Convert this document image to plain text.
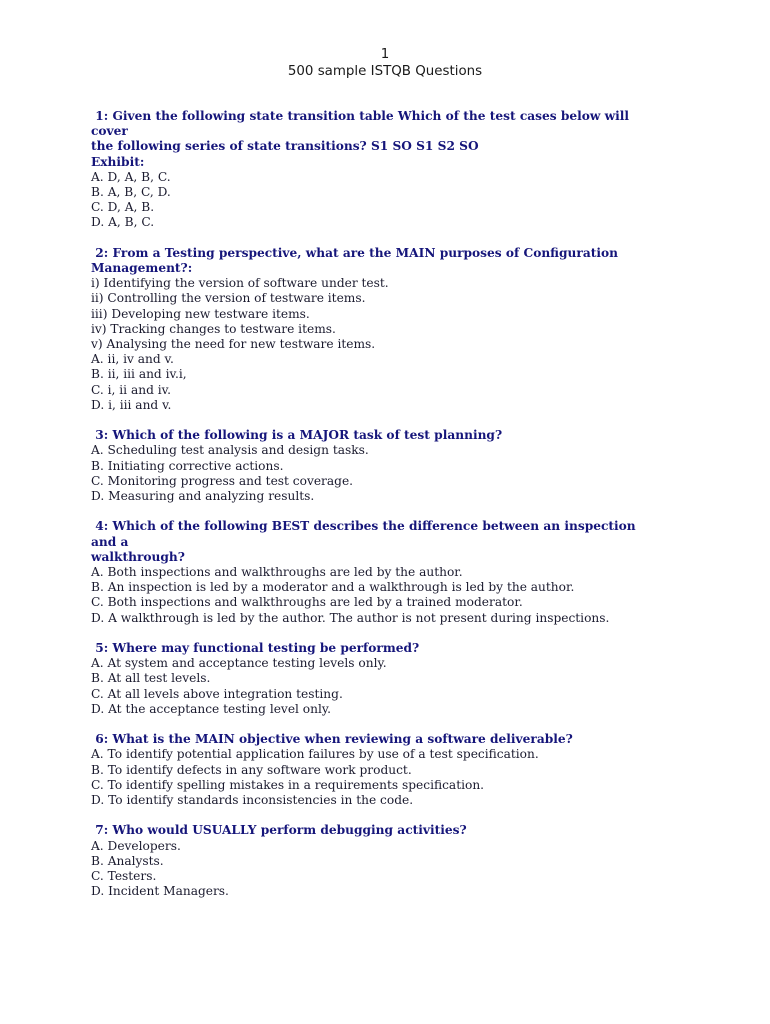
1
500 sample ISTQB Questions
1: Given the following state transition table Which of the test cases below will
cover
the following series of state transitions? S1 SO S1 S2 SO
Exhibit:
A. D, A, B, C.
B. A, B, C, D.
C. D, A, B.
D. A, B, C.
2: From a Testing perspective, what are the MAIN purposes of Configuration
Management?:
i) Identifying the version of software under test.
ii) Controlling the version of testware items.
iii) Developing new testware items.
iv) Tracking changes to testware items.
v) Analysing the need for new testware items.
A. ii, iv and v.
B. ii, iii and iv.i,
C. i, ii and iv.
D. i, iii and v.
3: Which of the following is a MAJOR task of test planning?
A. Scheduling test analysis and design tasks.
B. Initiating corrective actions.
C. Monitoring progress and test coverage.
D. Measuring and analyzing results.
4: Which of the following BEST describes the difference between an inspection
and a
walkthrough?
A. Both inspections and walkthroughs are led by the author.
B. An inspection is led by a moderator and a walkthrough is led by the author.
C. Both inspections and walkthroughs are led by a trained moderator.
D. A walkthrough is led by the author. The author is not present during inspections.
5: Where may functional testing be performed?
A. At system and acceptance testing levels only.
B. At all test levels.
C. At all levels above integration testing.
D. At the acceptance testing level only.
6: What is the MAIN objective when reviewing a software deliverable?
A. To identify potential application failures by use of a test specification.
B. To identify defects in any software work product.
C. To identify spelling mistakes in a requirements specification.
D. To identify standards inconsistencies in the code.
7: Who would USUALLY perform debugging activities?
A. Developers.
B. Analysts.
C. Testers.
D. Incident Managers.
